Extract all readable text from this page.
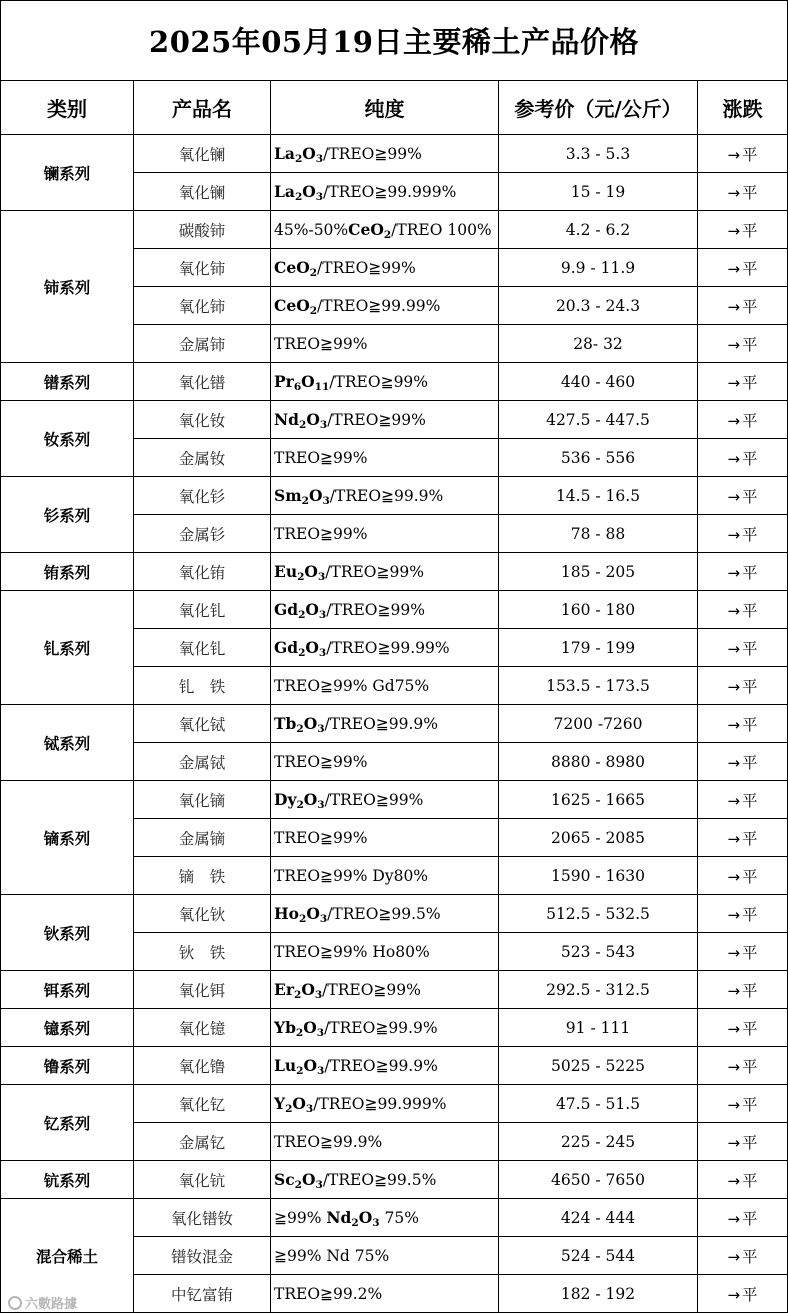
2025年05月19日主要稀土产品价格				
类别	产品名	纯度	参考价（元/公斤）	涨跌
镧系列	氧化镧	$La_2O_3/TREO≧99\%$	3.3 - 5.3	→ 平
	氧化镧	$La_2O_3/TREO≧99.999\%$	15 - 19	→ 平
铈系列	碳酸铈	45%-50%CeO$_2$/TREO 100%	4.2 - 6.2	→ 平
	氧化铈	CeO$_2$/TREO≧99%	9.9 - 11.9	→ 平
	氧化铈	CeO$_2$/TREO≧99.99%	20.3 - 24.3	→ 平
	金属铈	TREO≧99%	28- 32	→ 平
镨系列	氧化镨	$Pr_6O_{11}/TREO≧99\%$	440 - 460	→ 平
钕系列	氧化钕	$Nd_2O_3/TREO≧99\%$	427.5 - 447.5	→ 平
	金属钕	TREO≧99%	536 - 556	→ 平
钐系列	氧化钐	$Sm_2O_3/TREO≧99.9\%$	14.5 - 16.5	→ 平
	金属钐	TREO≧99%	78 - 88	→ 平
铕系列	氧化铕	$Eu_2O_3/TREO≧99\%$	185 - 205	→ 平
钆系列	氧化钆	$Gd_2O_3/TREO≧99\%$	160 - 180	→ 平
	氧化钆	$Gd_2O_3/TREO≧99.99\%$	179 - 199	→ 平
	钆　铁	TREO≧99% Gd75%	153.5 - 173.5	→ 平
铽系列	氧化铽	$Tb_2O_3/TREO≧99.9\%$	7200 -7260	→ 平
	金属铽	TREO≧99%	8880 - 8980	→ 平
镝系列	氧化镝	$Dy_2O_3/TREO≧99\%$	1625 - 1665	→ 平
	金属镝	TREO≧99%	2065 - 2085	→ 平
	镝　铁	TREO≧99% Dy80%	1590 - 1630	→ 平
钬系列	氧化钬	$Ho_2O_3/TREO≧99.5\%$	512.5 - 532.5	→ 平
	钬　铁	TREO≧99% Ho80%	523 - 543	→ 平
铒系列	氧化铒	$Er_2O_3/TREO≧99\%$	292.5 - 312.5	→ 平
镱系列	氧化镱	$Yb_2O_3/TREO≧99.9\%$	91 - 111	→ 平
镥系列	氧化镥	$Lu_2O_3/TREO≧99.9\%$	5025 - 5225	→ 平
钇系列	氧化钇	$Y_2O_3/TREO≧99.999\%$	47.5 - 51.5	→ 平
	金属钇	TREO≧99.9%	225 - 245	→ 平
钪系列	氧化钪	$Sc_2O_3/TREO≧99.5\%$	4650 - 7650	→ 平
混合稀土	氧化镨钕	≧99% $Nd_2O_3$ 75%	424 - 444	→ 平
	镨钕混金	≧99% Nd 75%	524 - 544	→ 平
	中钇富铕	TREO≧99.2%	182 - 192	→ 平
六數路據
